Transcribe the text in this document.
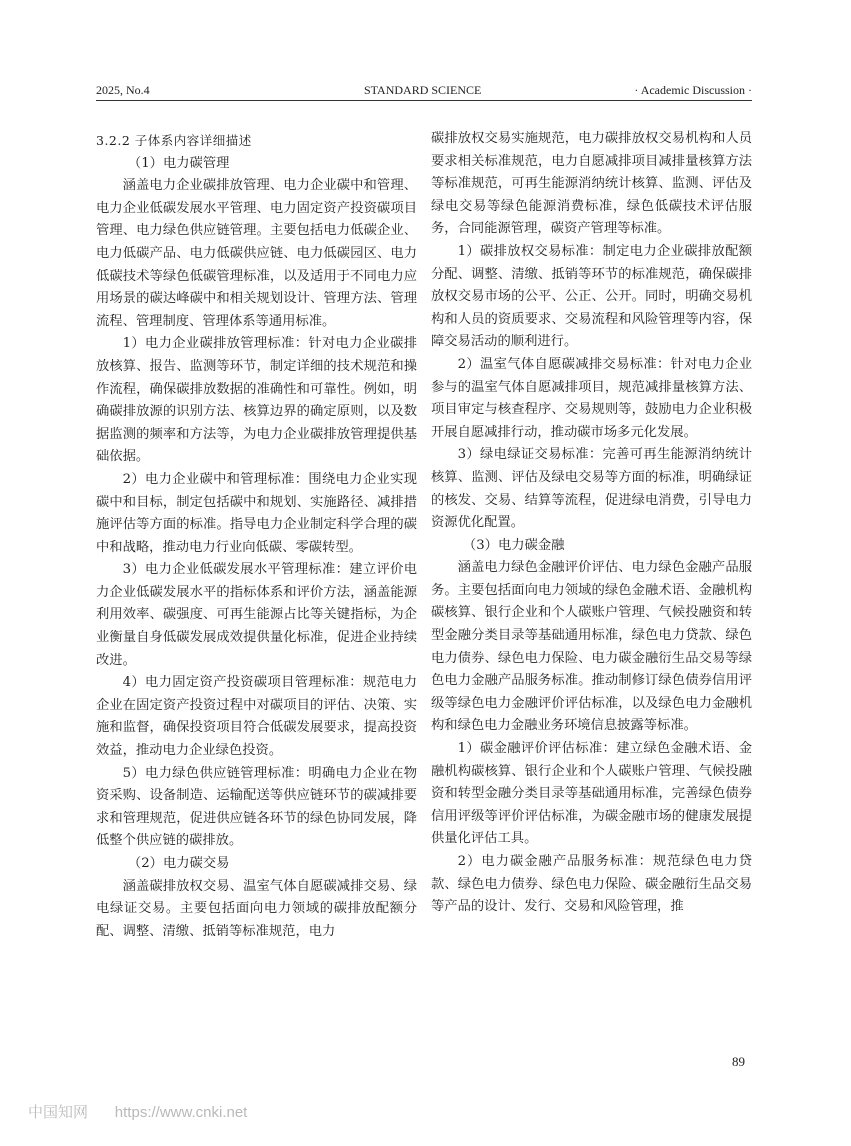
2025, No.4	STANDARD SCIENCE	· Academic Discussion ·

3.2.2 子体系内容详细描述

（1）电力碳管理

涵盖电力企业碳排放管理、电力企业碳中和管理、电力企业低碳发展水平管理、电力固定资产投资碳项目管理、电力绿色供应链管理。主要包括电力低碳企业、电力低碳产品、电力低碳供应链、电力低碳园区、电力低碳技术等绿色低碳管理标准，以及适用于不同电力应用场景的碳达峰碳中和相关规划设计、管理方法、管理流程、管理制度、管理体系等通用标准。

1）电力企业碳排放管理标准：针对电力企业碳排放核算、报告、监测等环节，制定详细的技术规范和操作流程，确保碳排放数据的准确性和可靠性。例如，明确碳排放源的识别方法、核算边界的确定原则，以及数据监测的频率和方法等，为电力企业碳排放管理提供基础依据。

2）电力企业碳中和管理标准：围绕电力企业实现碳中和目标，制定包括碳中和规划、实施路径、减排措施评估等方面的标准。指导电力企业制定科学合理的碳中和战略，推动电力行业向低碳、零碳转型。

3）电力企业低碳发展水平管理标准：建立评价电力企业低碳发展水平的指标体系和评价方法，涵盖能源利用效率、碳强度、可再生能源占比等关键指标，为企业衡量自身低碳发展成效提供量化标准，促进企业持续改进。

4）电力固定资产投资碳项目管理标准：规范电力企业在固定资产投资过程中对碳项目的评估、决策、实施和监督，确保投资项目符合低碳发展要求，提高投资效益，推动电力企业绿色投资。

5）电力绿色供应链管理标准：明确电力企业在物资采购、设备制造、运输配送等供应链环节的碳减排要求和管理规范，促进供应链各环节的绿色协同发展，降低整个供应链的碳排放。

（2）电力碳交易

涵盖碳排放权交易、温室气体自愿碳减排交易、绿电绿证交易。主要包括面向电力领域的碳排放配额分配、调整、清缴、抵销等标准规范，电力

碳排放权交易实施规范，电力碳排放权交易机构和人员要求相关标准规范，电力自愿减排项目减排量核算方法等标准规范，可再生能源消纳统计核算、监测、评估及绿电交易等绿色能源消费标准，绿色低碳技术评估服务，合同能源管理，碳资产管理等标准。

1）碳排放权交易标准：制定电力企业碳排放配额分配、调整、清缴、抵销等环节的标准规范，确保碳排放权交易市场的公平、公正、公开。同时，明确交易机构和人员的资质要求、交易流程和风险管理等内容，保障交易活动的顺利进行。

2）温室气体自愿碳减排交易标准：针对电力企业参与的温室气体自愿减排项目，规范减排量核算方法、项目审定与核查程序、交易规则等，鼓励电力企业积极开展自愿减排行动，推动碳市场多元化发展。

3）绿电绿证交易标准：完善可再生能源消纳统计核算、监测、评估及绿电交易等方面的标准，明确绿证的核发、交易、结算等流程，促进绿电消费，引导电力资源优化配置。

（3）电力碳金融

涵盖电力绿色金融评价评估、电力绿色金融产品服务。主要包括面向电力领域的绿色金融术语、金融机构碳核算、银行企业和个人碳账户管理、气候投融资和转型金融分类目录等基础通用标准，绿色电力贷款、绿色电力债券、绿色电力保险、电力碳金融衍生品交易等绿色电力金融产品服务标准。推动制修订绿色债券信用评级等绿色电力金融评价评估标准，以及绿色电力金融机构和绿色电力金融业务环境信息披露等标准。

1）碳金融评价评估标准：建立绿色金融术语、金融机构碳核算、银行企业和个人碳账户管理、气候投融资和转型金融分类目录等基础通用标准，完善绿色债券信用评级等评价评估标准，为碳金融市场的健康发展提供量化评估工具。

2）电力碳金融产品服务标准：规范绿色电力贷款、绿色电力债券、绿色电力保险、碳金融衍生品交易等产品的设计、发行、交易和风险管理，推

89
中国知网 https://www.cnki.net
